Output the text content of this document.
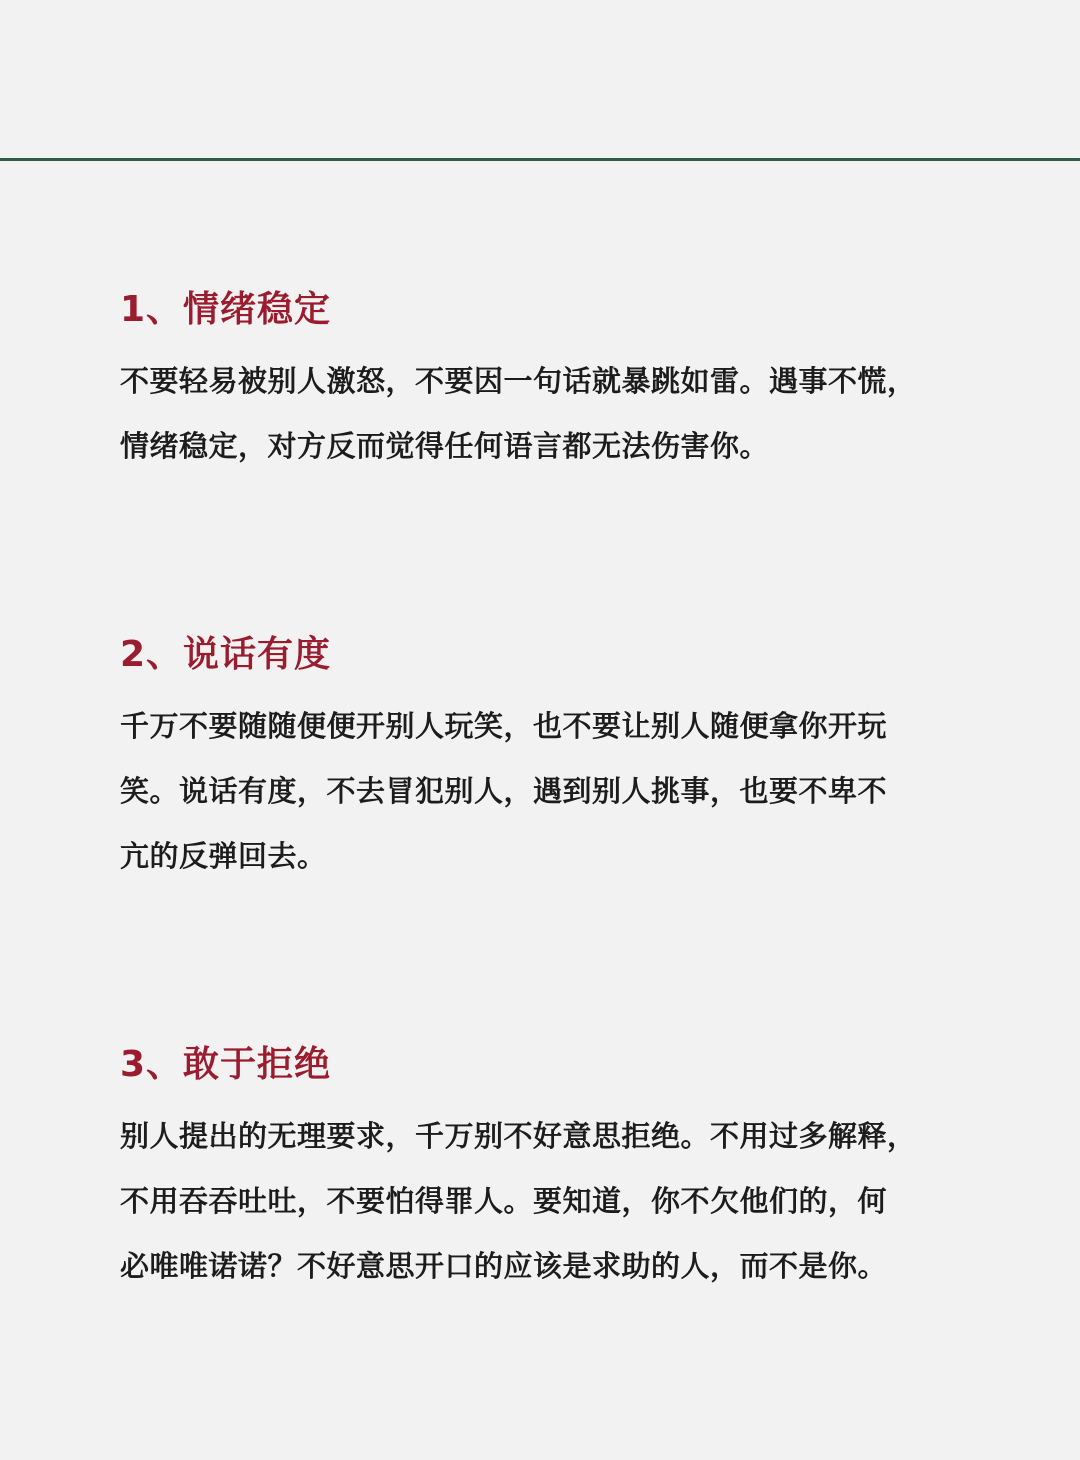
1、情绪稳定

不要轻易被别人激怒，不要因一句话就暴跳如雷。遇事不慌，
情绪稳定，对方反而觉得任何语言都无法伤害你。

2、说话有度

千万不要随随便便开别人玩笑，也不要让别人随便拿你开玩
笑。说话有度，不去冒犯别人，遇到别人挑事，也要不卑不
亢的反弹回去。

3、敢于拒绝

别人提出的无理要求，千万别不好意思拒绝。不用过多解释，
不用吞吞吐吐，不要怕得罪人。要知道，你不欠他们的，何
必唯唯诺诺？不好意思开口的应该是求助的人，而不是你。
